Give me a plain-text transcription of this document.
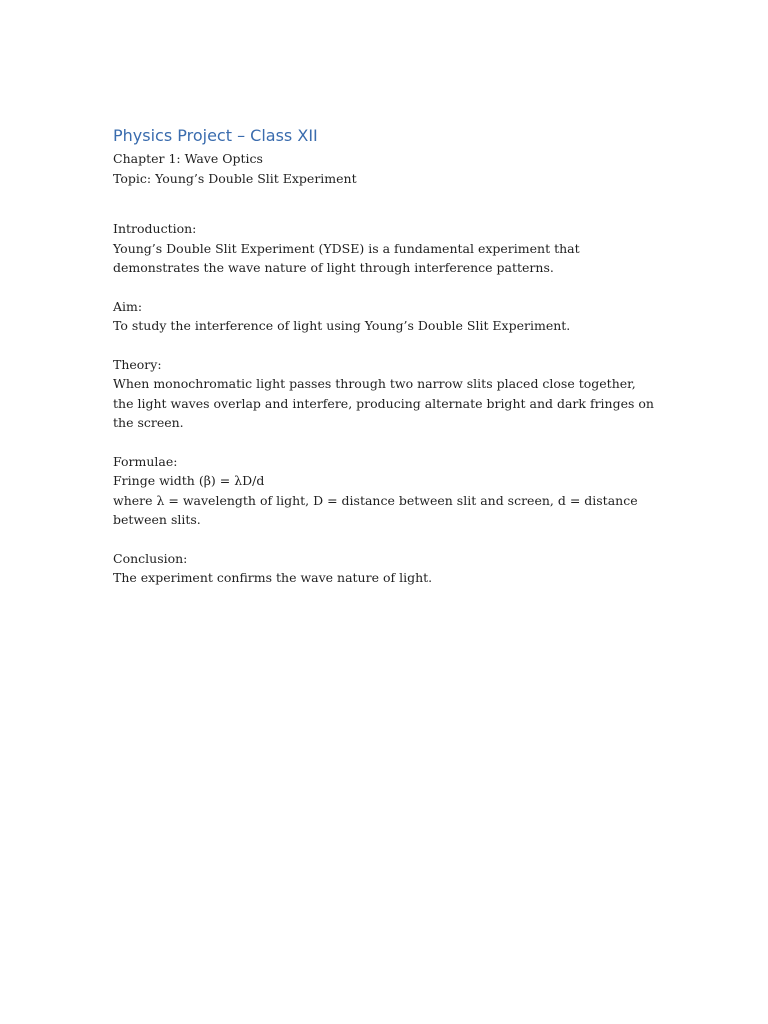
Physics Project – Class XII

Chapter 1: Wave Optics

Topic: Young’s Double Slit Experiment

Introduction:

Young’s Double Slit Experiment (YDSE) is a fundamental experiment that demonstrates the wave nature of light through interference patterns.

Aim:

To study the interference of light using Young’s Double Slit Experiment.

Theory:

When monochromatic light passes through two narrow slits placed close together, the light waves overlap and interfere, producing alternate bright and dark fringes on the screen.

Formulae:

Fringe width (β) = λD/d

where λ = wavelength of light, D = distance between slit and screen, d = distance between slits.

Conclusion:

The experiment confirms the wave nature of light.
